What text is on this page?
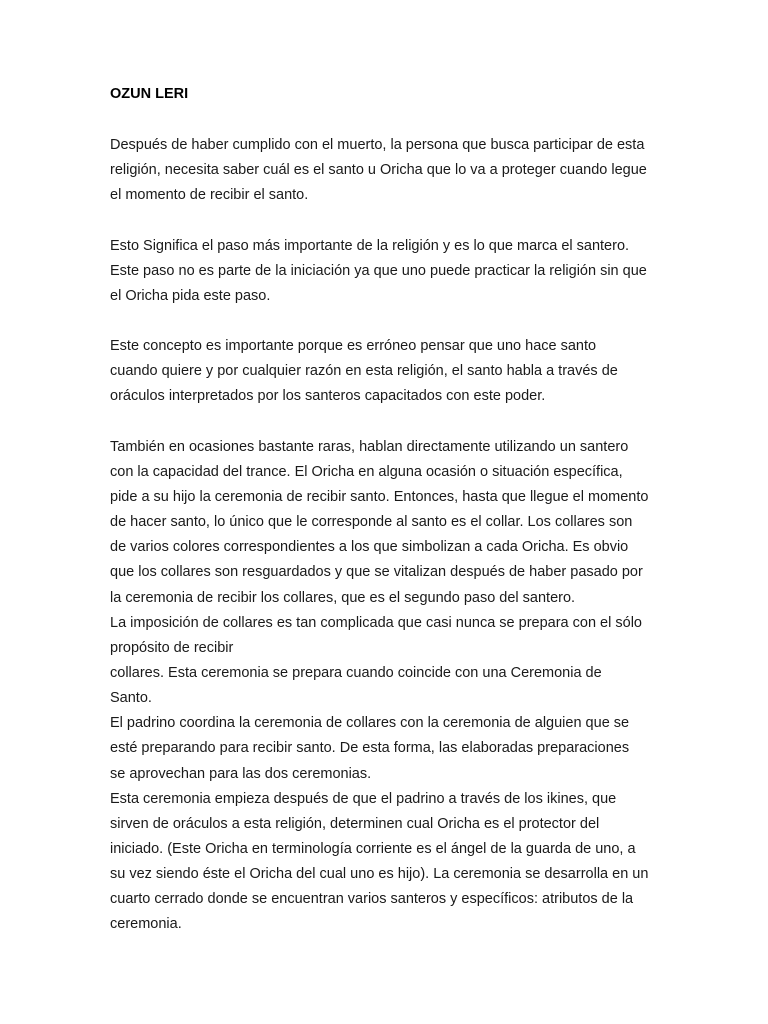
OZUN LERI
Después de haber cumplido con el muerto, la persona que busca participar de esta
religión, necesita saber cuál es el santo u Oricha que lo va a proteger cuando legue
el momento de recibir el santo.
Esto Significa el paso más importante de la religión y es lo que marca el santero.
Este paso no es parte de la iniciación ya que uno puede practicar la religión sin que
el Oricha pida este paso.
Este concepto es importante porque es erróneo pensar que uno hace santo
cuando quiere y por cualquier razón en esta religión, el santo habla a través de
oráculos interpretados por los santeros capacitados con este poder.
También en ocasiones bastante raras, hablan directamente utilizando un santero
con la capacidad del trance. El Oricha en alguna ocasión o situación específica,
pide a su hijo la ceremonia de recibir santo. Entonces, hasta que llegue el momento
de hacer santo, lo único que le corresponde al santo es el collar. Los collares son
de varios colores correspondientes a los que simbolizan a cada Oricha. Es obvio
que los collares son resguardados y que se vitalizan después de haber pasado por
la ceremonia de recibir los collares, que es el segundo paso del santero.
La imposición de collares es tan complicada que casi nunca se prepara con el sólo
propósito de recibir
collares. Esta ceremonia se prepara cuando coincide con una Ceremonia de
Santo.
El padrino coordina la ceremonia de collares con la ceremonia de alguien que se
esté preparando para recibir santo. De esta forma, las elaboradas preparaciones
se aprovechan para las dos ceremonias.
Esta ceremonia empieza después de que el padrino a través de los ikines, que
sirven de oráculos a esta religión, determinen cual Oricha es el protector del
iniciado. (Este Oricha en terminología corriente es el ángel de la guarda de uno, a
su vez siendo éste el Oricha del cual uno es hijo). La ceremonia se desarrolla en un
cuarto cerrado donde se encuentran varios santeros y específicos: atributos de la
ceremonia.
